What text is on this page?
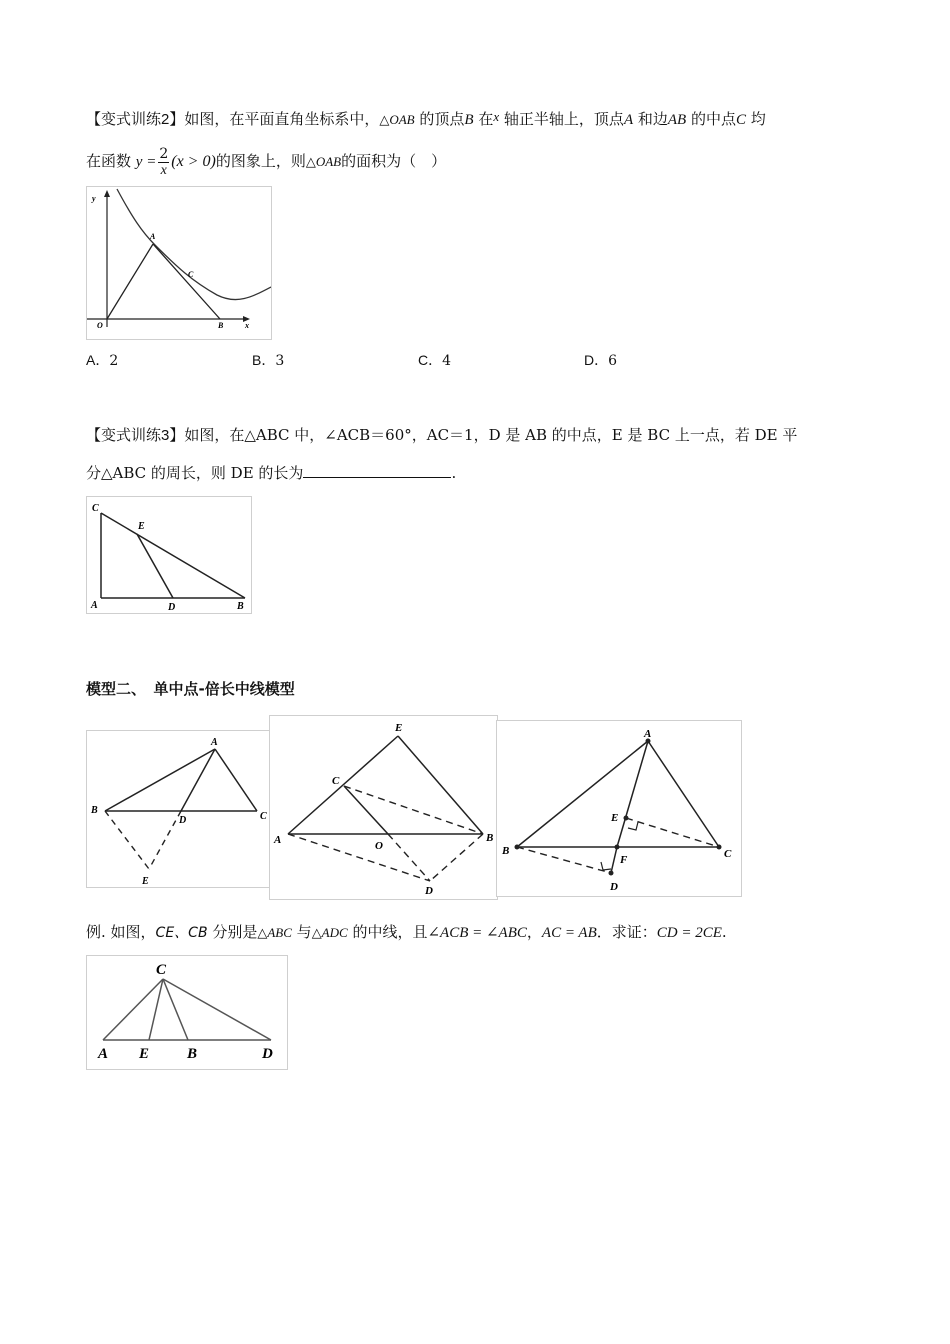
【变式训练2】如图，在平面直角坐标系中，△OAB 的顶点B 在x 轴正半轴上，顶点A 和边AB 的中点C 均
在函数 $y = \frac{2}{x} (x > 0)$的图象上，则△OAB的面积为（　）
y
A
C
O	B	x
A．2	B．3	C．4	D．6
【变式训练3】如图，在△ABC 中，∠ACB＝60°，AC＝1，D 是 AB 的中点，E 是 BC 上一点，若 DE 平
分△ABC 的周长，则 DE 的长为	.
C
E
A	D	B
模型二、　单中点-倍长中线模型
A
B
D	C
E
E
C
A	O
B
D
A
E
B
F	C
D
例. 如图，CE、CB 分别是△ABC 与△ADC 的中线，且∠ACB = ∠ABC，AC = AB．求证：CD = 2CE.
C
A E	B	D
